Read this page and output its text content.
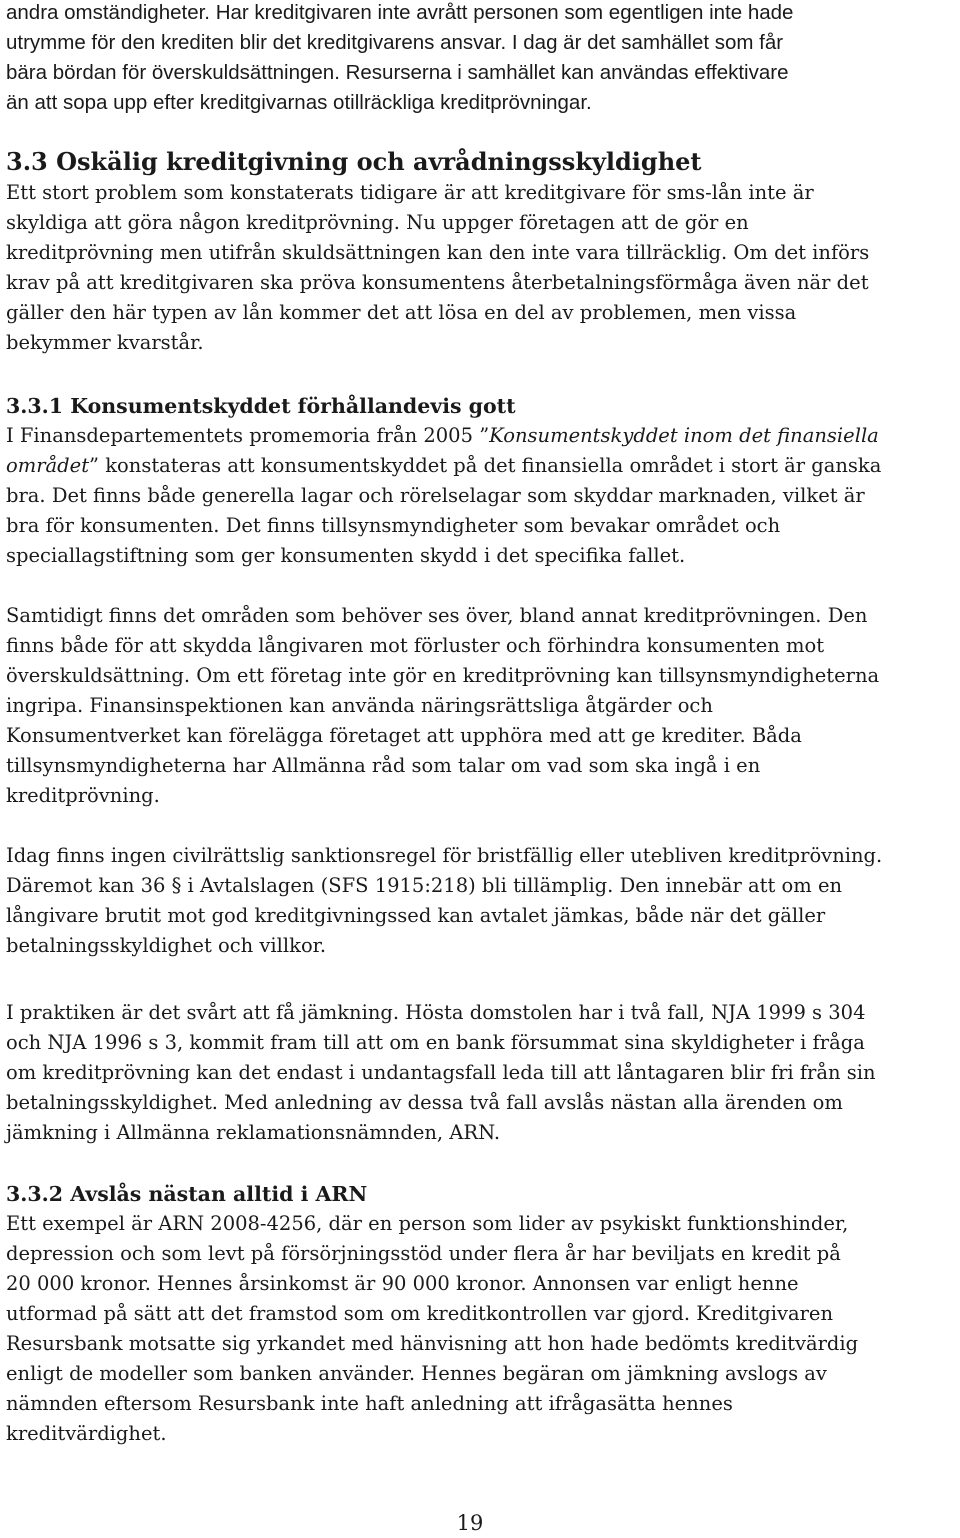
andra omständigheter. Har kreditgivaren inte avrått personen som egentligen inte hade
utrymme för den krediten blir det kreditgivarens ansvar. I dag är det samhället som får
bära bördan för överskuldsättningen. Resurserna i samhället kan användas effektivare
än att sopa upp efter kreditgivarnas otillräckliga kreditprövningar.

3.3 Oskälig kreditgivning och avrådningsskyldighet

Ett stort problem som konstaterats tidigare är att kreditgivare för sms-lån inte är
skyldiga att göra någon kreditprövning. Nu uppger företagen att de gör en
kreditprövning men utifrån skuldsättningen kan den inte vara tillräcklig. Om det införs
krav på att kreditgivaren ska pröva konsumentens återbetalningsförmåga även när det
gäller den här typen av lån kommer det att lösa en del av problemen, men vissa
bekymmer kvarstår.

3.3.1 Konsumentskyddet förhållandevis gott

I Finansdepartementets promemoria från 2005 ”Konsumentskyddet inom det finansiella
området” konstateras att konsumentskyddet på det finansiella området i stort är ganska
bra. Det finns både generella lagar och rörelselagar som skyddar marknaden, vilket är
bra för konsumenten. Det finns tillsynsmyndigheter som bevakar området och
speciallagstiftning som ger konsumenten skydd i det specifika fallet.

Samtidigt finns det områden som behöver ses över, bland annat kreditprövningen. Den
finns både för att skydda långivaren mot förluster och förhindra konsumenten mot
överskuldsättning. Om ett företag inte gör en kreditprövning kan tillsynsmyndigheterna
ingripa. Finansinspektionen kan använda näringsrättsliga åtgärder och
Konsumentverket kan förelägga företaget att upphöra med att ge krediter. Båda
tillsynsmyndigheterna har Allmänna råd som talar om vad som ska ingå i en
kreditprövning.

Idag finns ingen civilrättslig sanktionsregel för bristfällig eller utebliven kreditprövning.
Däremot kan 36 § i Avtalslagen (SFS 1915:218) bli tillämplig. Den innebär att om en
långivare brutit mot god kreditgivningssed kan avtalet jämkas, både när det gäller
betalningsskyldighet och villkor.

I praktiken är det svårt att få jämkning. Hösta domstolen har i två fall, NJA 1999 s 304
och NJA 1996 s 3, kommit fram till att om en bank försummat sina skyldigheter i fråga
om kreditprövning kan det endast i undantagsfall leda till att låntagaren blir fri från sin
betalningsskyldighet. Med anledning av dessa två fall avslås nästan alla ärenden om
jämkning i Allmänna reklamationsnämnden, ARN.

3.3.2 Avslås nästan alltid i ARN

Ett exempel är ARN 2008-4256, där en person som lider av psykiskt funktionshinder,
depression och som levt på försörjningsstöd under flera år har beviljats en kredit på
20 000 kronor. Hennes årsinkomst är 90 000 kronor. Annonsen var enligt henne
utformad på sätt att det framstod som om kreditkontrollen var gjord. Kreditgivaren
Resursbank motsatte sig yrkandet med hänvisning att hon hade bedömts kreditvärdig
enligt de modeller som banken använder. Hennes begäran om jämkning avslogs av
nämnden eftersom Resursbank inte haft anledning att ifrågasätta hennes
kreditvärdighet.

19
